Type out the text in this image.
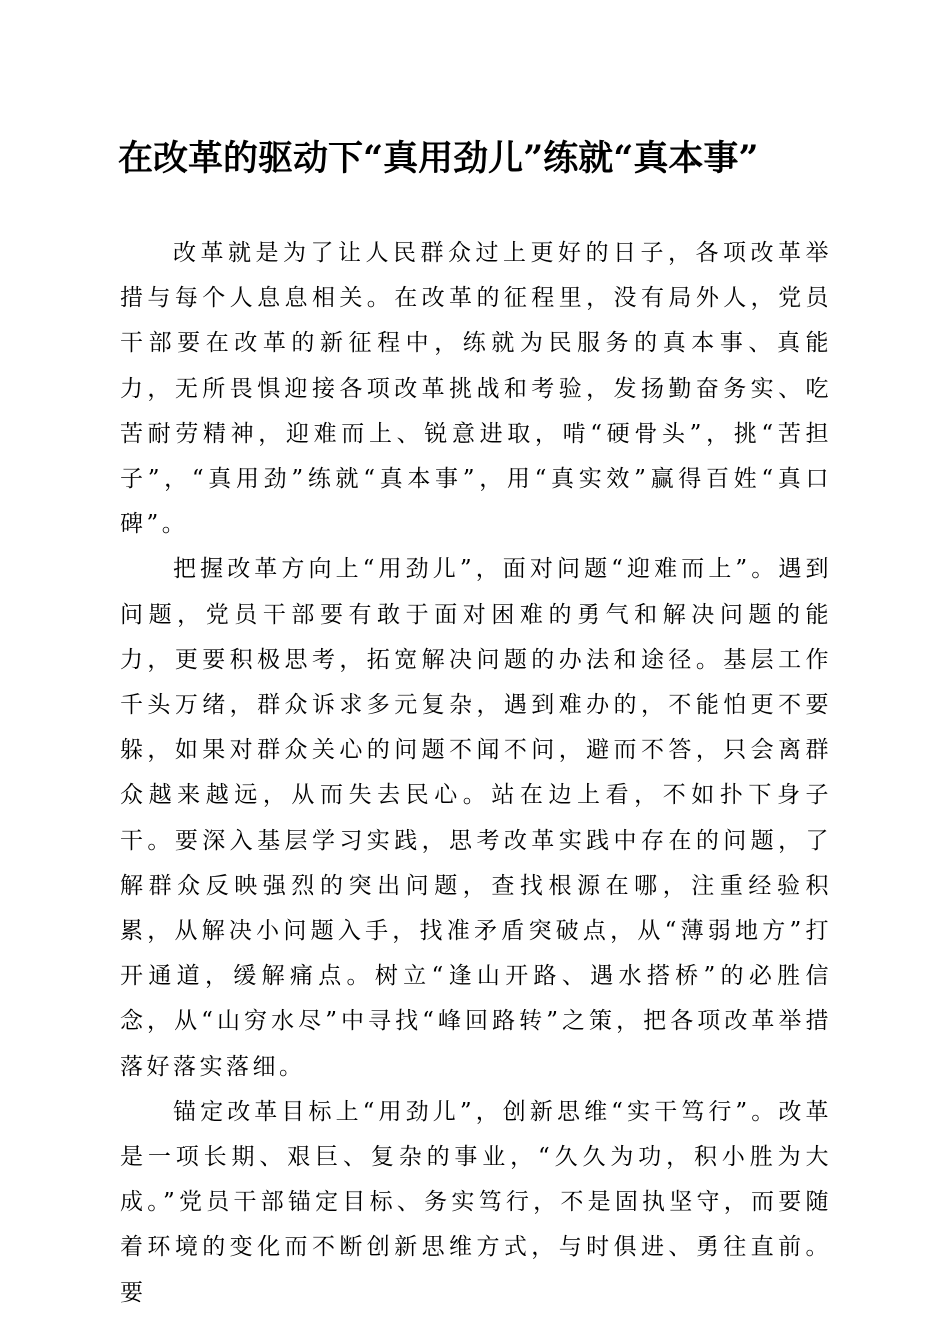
在改革的驱动下“真用劲儿”练就“真本事”

改革就是为了让人民群众过上更好的日子，各项改革举措与每个人息息相关。在改革的征程里，没有局外人，党员干部要在改革的新征程中，练就为民服务的真本事、真能力，无所畏惧迎接各项改革挑战和考验，发扬勤奋务实、吃苦耐劳精神，迎难而上、锐意进取，啃“硬骨头”，挑“苦担子”，“真用劲”练就“真本事”，用“真实效”赢得百姓“真口碑”。

把握改革方向上“用劲儿”，面对问题“迎难而上”。遇到问题，党员干部要有敢于面对困难的勇气和解决问题的能力，更要积极思考，拓宽解决问题的办法和途径。基层工作千头万绪，群众诉求多元复杂，遇到难办的，不能怕更不要躲，如果对群众关心的问题不闻不问，避而不答，只会离群众越来越远，从而失去民心。站在边上看，不如扑下身子干。要深入基层学习实践，思考改革实践中存在的问题，了解群众反映强烈的突出问题，查找根源在哪，注重经验积累，从解决小问题入手，找准矛盾突破点，从“薄弱地方”打开通道，缓解痛点。树立“逢山开路、遇水搭桥”的必胜信念，从“山穷水尽”中寻找“峰回路转”之策，把各项改革举措落好落实落细。

锚定改革目标上“用劲儿”，创新思维“实干笃行”。改革是一项长期、艰巨、复杂的事业，“久久为功，积小胜为大成。”党员干部锚定目标、务实笃行，不是固执坚守，而要随着环境的变化而不断创新思维方式，与时俱进、勇往直前。要
